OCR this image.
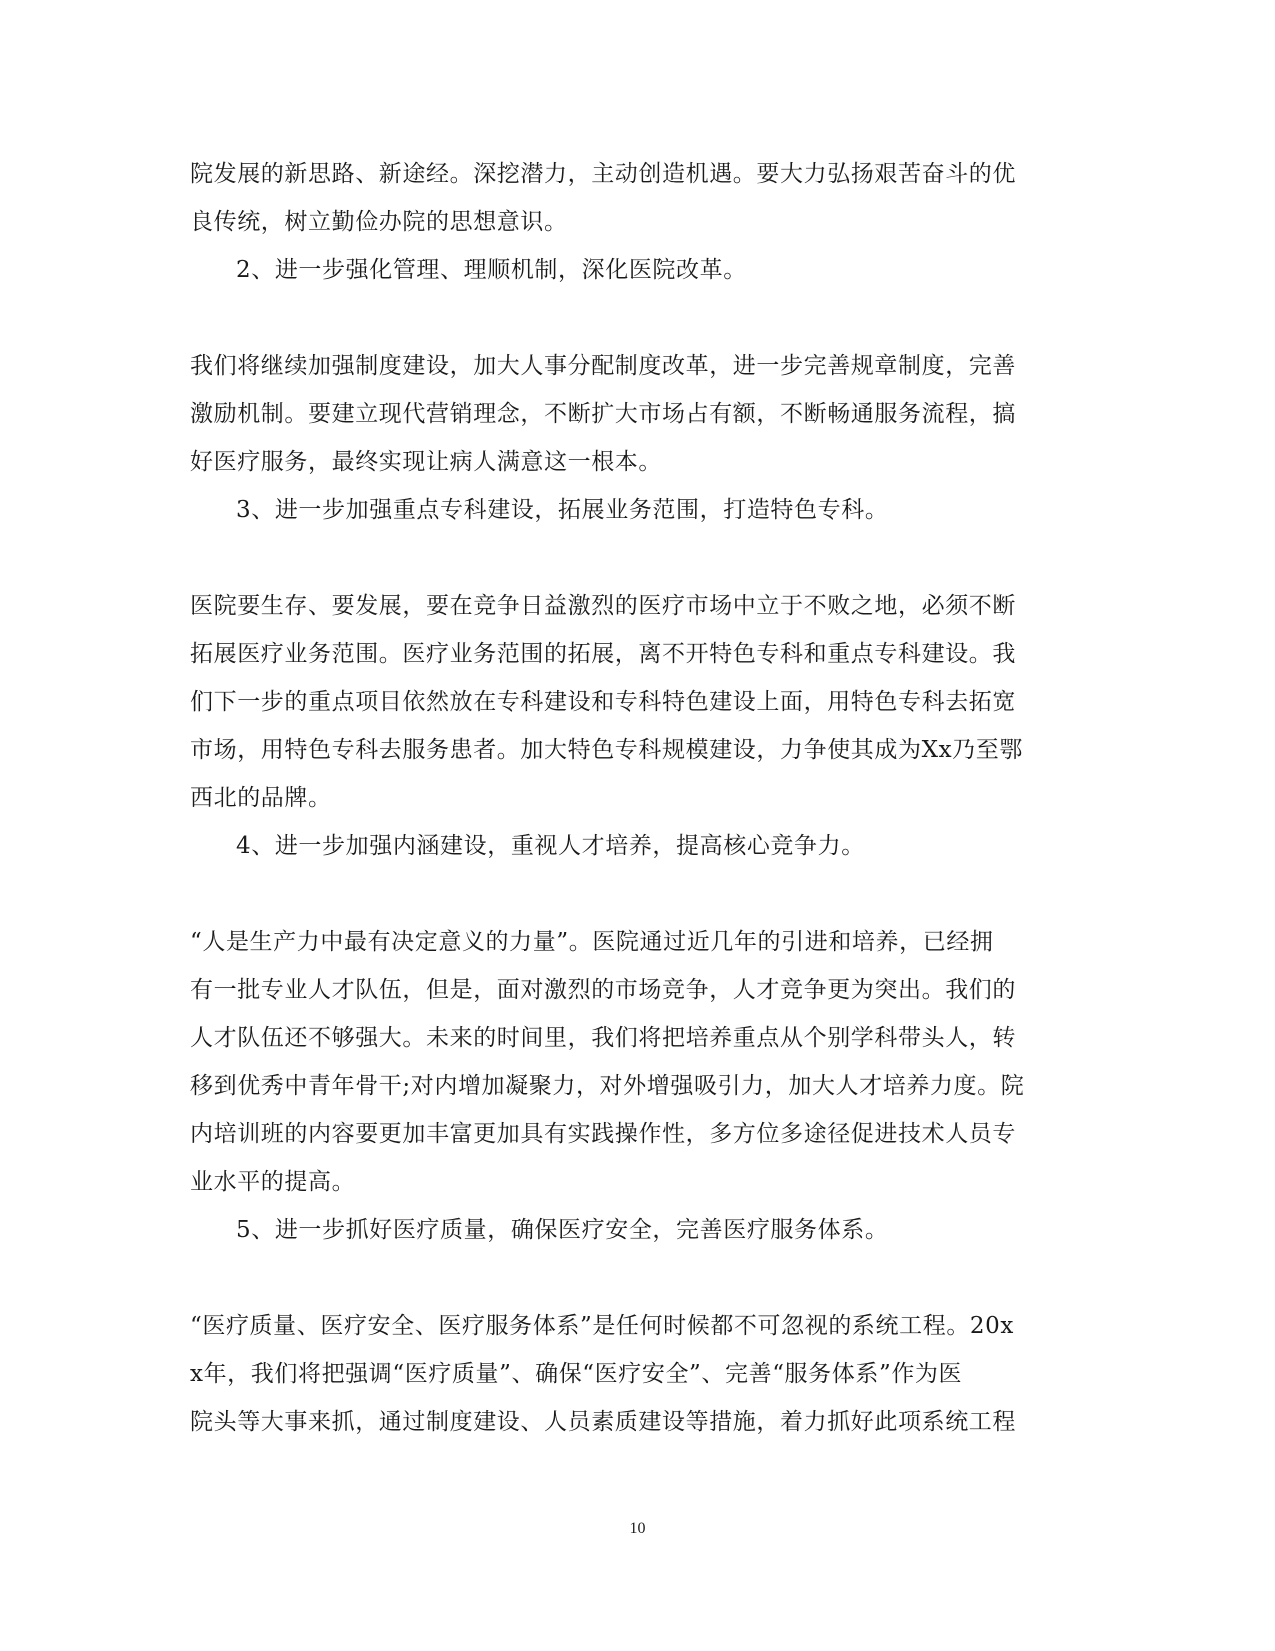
院发展的新思路、新途经。深挖潜力，主动创造机遇。要大力弘扬艰苦奋斗的优
良传统，树立勤俭办院的思想意识。
2、进一步强化管理、理顺机制，深化医院改革。
我们将继续加强制度建设，加大人事分配制度改革，进一步完善规章制度，完善
激励机制。要建立现代营销理念，不断扩大市场占有额，不断畅通服务流程，搞
好医疗服务，最终实现让病人满意这一根本。
3、进一步加强重点专科建设，拓展业务范围，打造特色专科。
医院要生存、要发展，要在竞争日益激烈的医疗市场中立于不败之地，必须不断
拓展医疗业务范围。医疗业务范围的拓展，离不开特色专科和重点专科建设。我
们下一步的重点项目依然放在专科建设和专科特色建设上面，用特色专科去拓宽
市场，用特色专科去服务患者。加大特色专科规模建设，力争使其成为Xx乃至鄂
西北的品牌。
4、进一步加强内涵建设，重视人才培养，提高核心竞争力。
“人是生产力中最有决定意义的力量”。医院通过近几年的引进和培养，已经拥
有一批专业人才队伍，但是，面对激烈的市场竞争，人才竞争更为突出。我们的
人才队伍还不够强大。未来的时间里，我们将把培养重点从个别学科带头人，转
移到优秀中青年骨干;对内增加凝聚力，对外增强吸引力，加大人才培养力度。院
内培训班的内容要更加丰富更加具有实践操作性，多方位多途径促进技术人员专
业水平的提高。
5、进一步抓好医疗质量，确保医疗安全，完善医疗服务体系。
“医疗质量、医疗安全、医疗服务体系”是任何时候都不可忽视的系统工程。20x
x年，我们将把强调“医疗质量”、确保“医疗安全”、完善“服务体系”作为医
院头等大事来抓，通过制度建设、人员素质建设等措施，着力抓好此项系统工程
10
